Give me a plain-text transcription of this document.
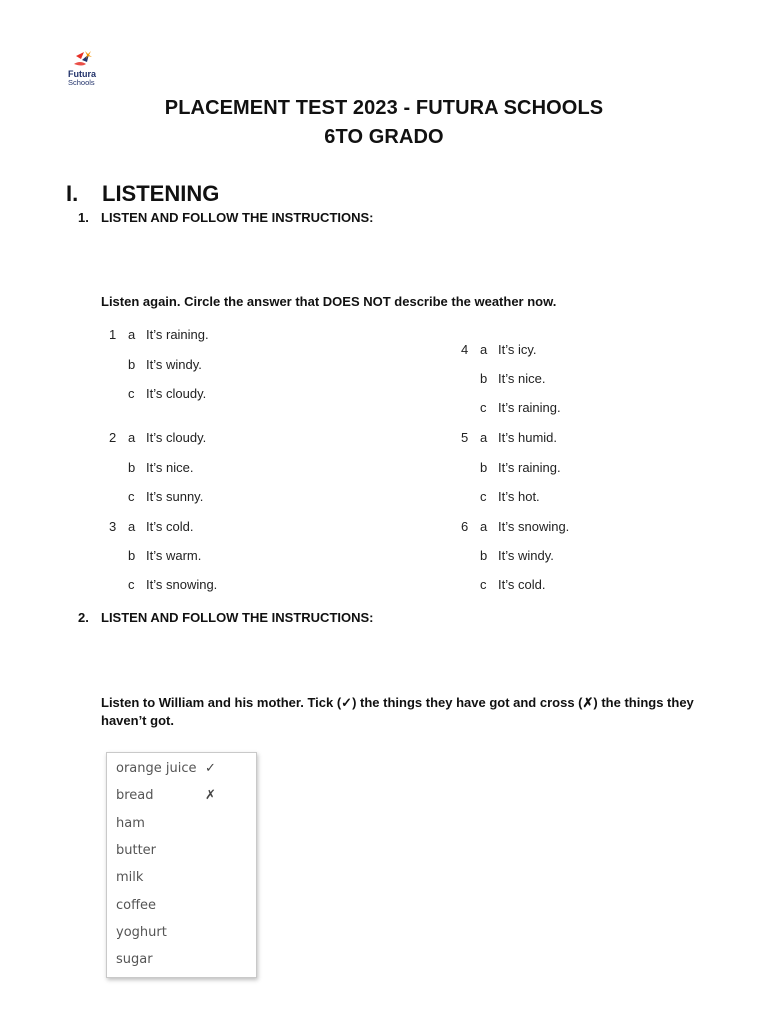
Futura
Schools
PLACEMENT TEST 2023 - FUTURA SCHOOLS
6TO GRADO
I.	LISTENING
1. LISTEN AND FOLLOW THE INSTRUCTIONS:
Listen again. Circle the answer that DOES NOT describe the weather now.
1 a It’s raining.
b It’s windy.
c It’s cloudy.
2 a It’s cloudy.
b It’s nice.
c It’s sunny.
3 a It’s cold.
b It’s warm.
c It’s snowing.
4 a It’s icy.
b It’s nice.
c It’s raining.
5 a It’s humid.
b It’s raining.
c It’s hot.
6 a It’s snowing.
b It’s windy.
c It’s cold.
2. LISTEN AND FOLLOW THE INSTRUCTIONS:
Listen to William and his mother. Tick (✓) the things they have got and cross (✗) the things they haven’t got.
orange juice ✓
bread	✗
ham
butter
milk
coffee
yoghurt
sugar
